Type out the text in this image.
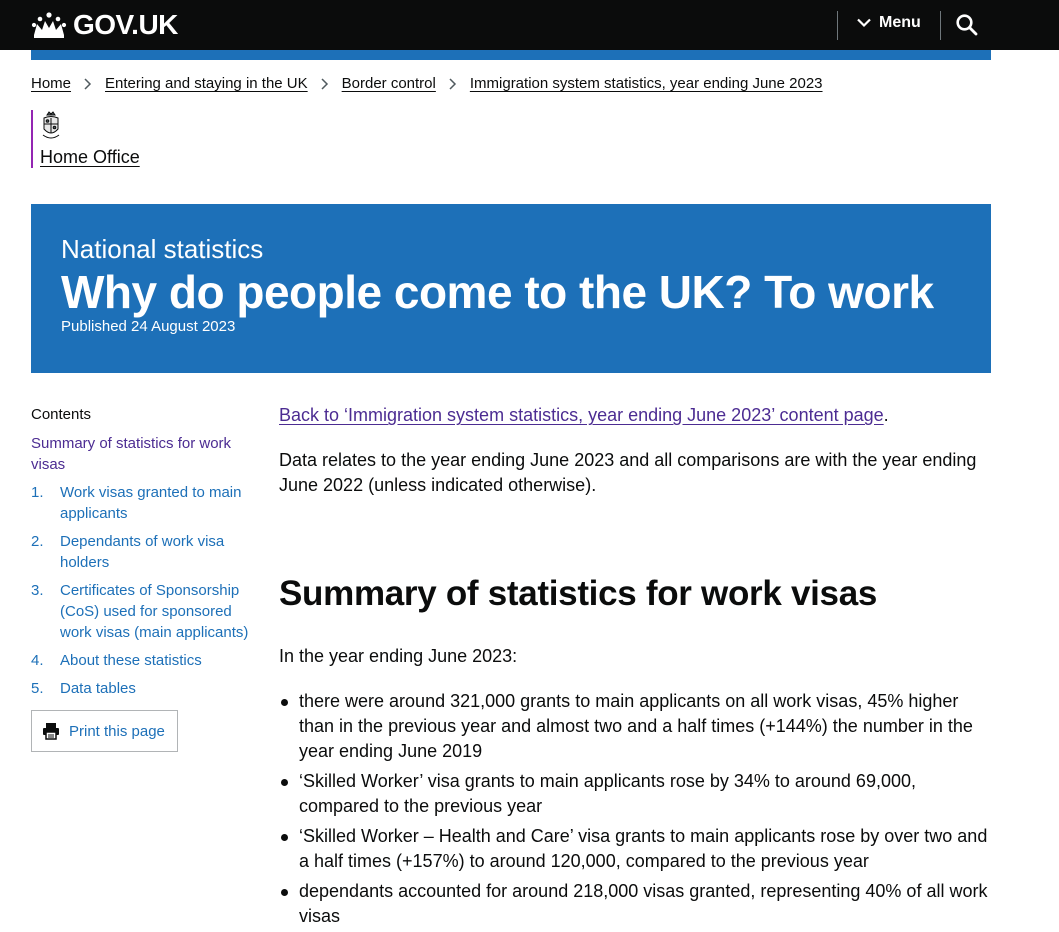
GOV.UK	Menu
Home Entering and staying in the UK Border control Immigration system statistics, year ending June 2023
Home Office
National statistics
Why do people come to the UK? To work
Published 24 August 2023
Contents
Summary of statistics for work visas
1.	Work visas granted to main applicants
2.	Dependants of work visa holders
3.	Certificates of Sponsorship (CoS) used for sponsored work visas (main applicants)
4.	About these statistics
5.	Data tables
Print this page

Back to ‘Immigration system statistics, year ending June 2023’ content page.

Data relates to the year ending June 2023 and all comparisons are with the year ending June 2022 (unless indicated otherwise).

Summary of statistics for work visas

In the year ending June 2023:

there were around 321,000 grants to main applicants on all work visas, 45% higher than in the previous year and almost two and a half times (+144%) the number in the year ending June 2019
‘Skilled Worker’ visa grants to main applicants rose by 34% to around 69,000, compared to the previous year
‘Skilled Worker – Health and Care’ visa grants to main applicants rose by over two and a half times (+157%) to around 120,000, compared to the previous year
dependants accounted for around 218,000 visas granted, representing 40% of all work visas
